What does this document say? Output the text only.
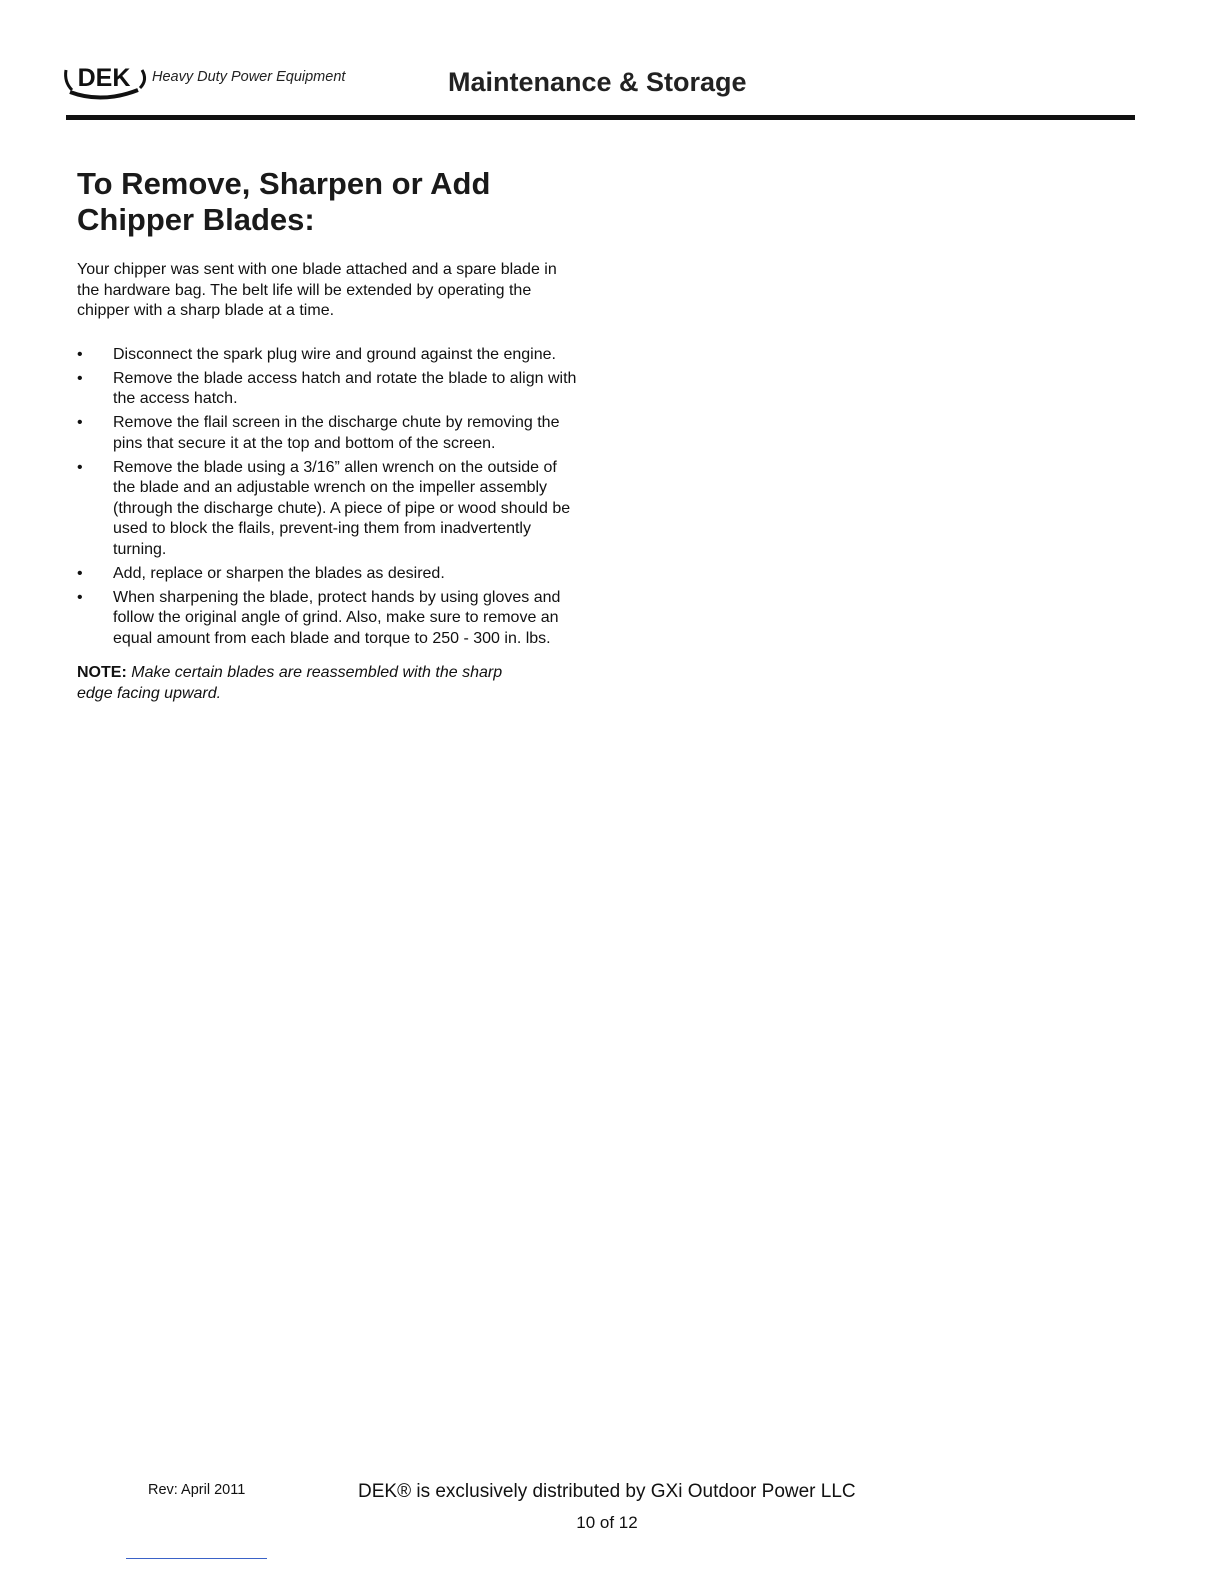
DEK Heavy Duty Power Equipment	Maintenance & Storage
To Remove, Sharpen or Add
Chipper Blades:

Your chipper was sent with one blade attached and a spare blade in the hardware bag. The belt life will be extended by operating the chipper with a sharp blade at a time.

•	Disconnect the spark plug wire and ground against the engine.
•	Remove the blade access hatch and rotate the blade to align with the access hatch.
•	Remove the flail screen in the discharge chute by removing the pins that secure it at the top and bottom of the screen.
•	Remove the blade using a 3/16” allen wrench on the outside of the blade and an adjustable wrench on the impeller assembly (through the discharge chute). A piece of pipe or wood should be used to block the flails, prevent-ing them from inadvertently turning.
•	Add, replace or sharpen the blades as desired.
•	When sharpening the blade, protect hands by using gloves and follow the original angle of grind. Also, make sure to remove an equal amount from each blade and torque to 250 - 300 in. lbs.

NOTE: Make certain blades are reassembled with the sharp edge facing upward.

Rev: April 2011	DEK® is exclusively distributed by GXi Outdoor Power LLC
10 of 12
